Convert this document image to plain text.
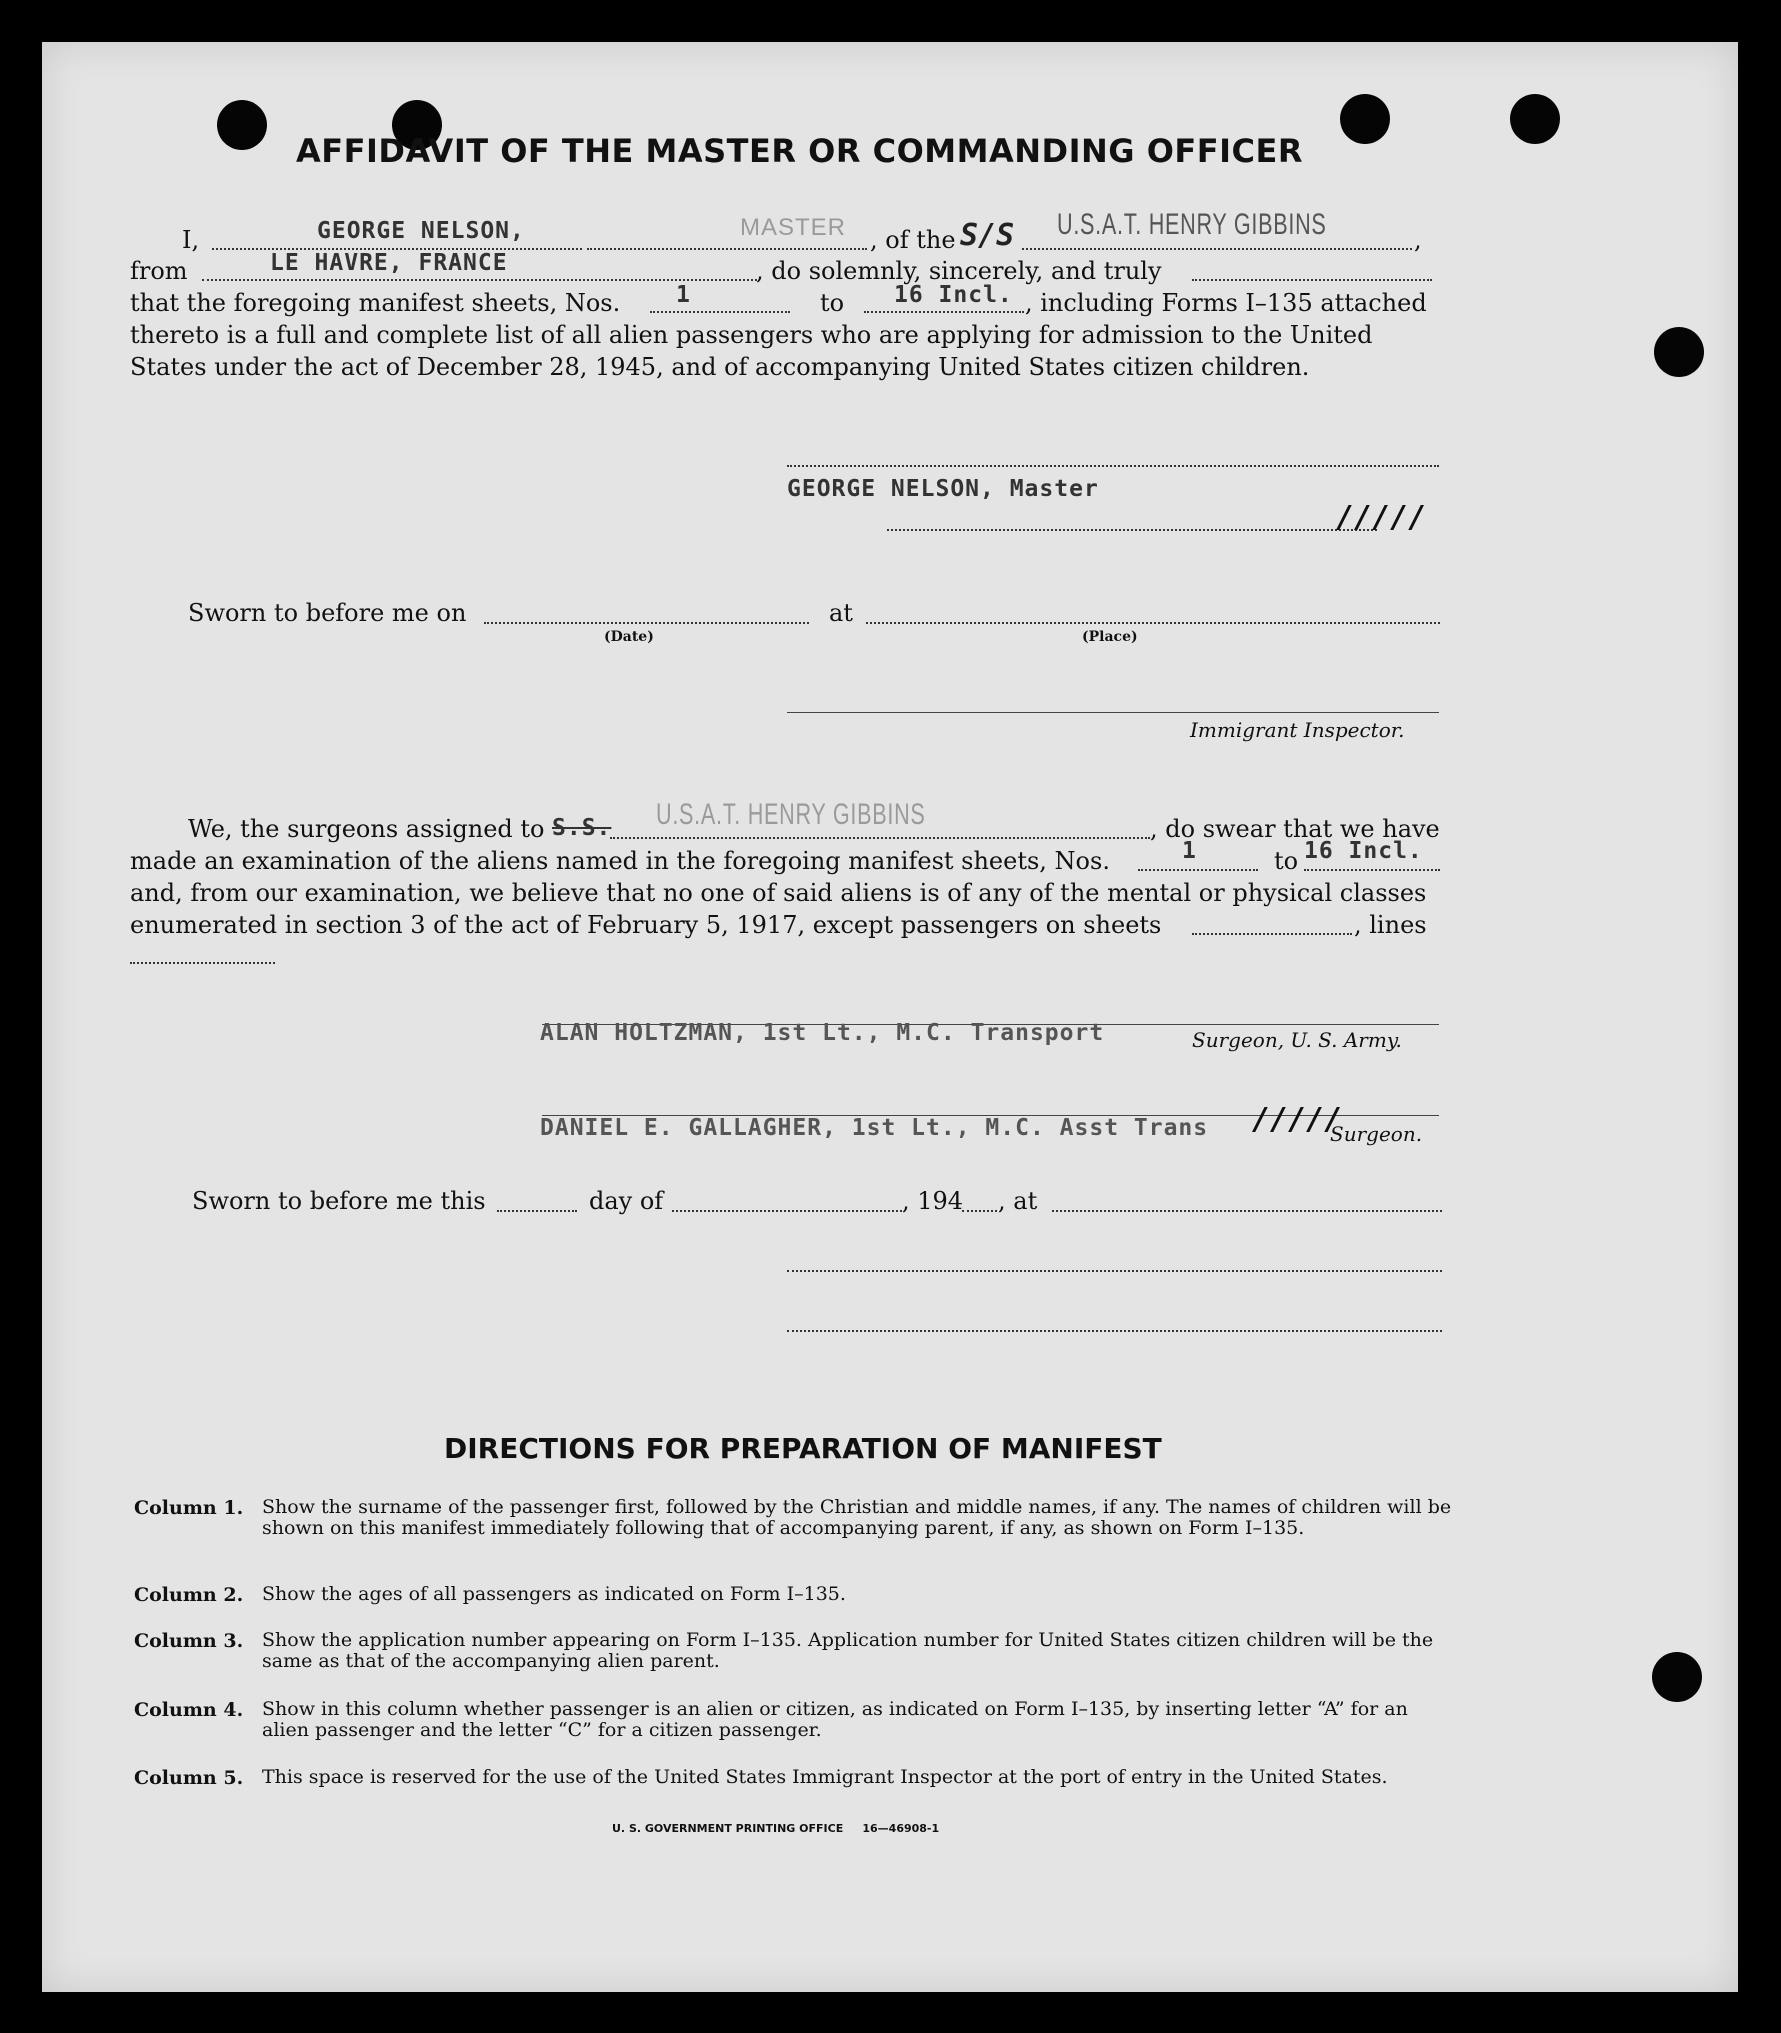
AFFIDAVIT OF THE MASTER OR COMMANDING OFFICER
I,	GEORGE NELSON,	MASTER , of the S/S U.S.A.T. HENRY GIBBINS	,
from	LE HAVRE, FRANCE	, do solemnly, sincerely, and truly
that the foregoing manifest sheets, Nos. 1	to 16 Incl. , including Forms I–135 attached
thereto is a full and complete list of all alien passengers who are applying for admission to the United
States under the act of December 28, 1945, and of accompanying United States citizen children.
GEORGE NELSON, Master
/////
Sworn to before me on
(Date)
at
(Place)
Immigrant Inspector.
We, the surgeons assigned to S.S. U.S.A.T. HENRY GIBBINS	, do swear that we have
made an examination of the aliens named in the foregoing manifest sheets, Nos.	1	to 16 Incl.
and, from our examination, we believe that no one of said aliens is of any of the mental or physical classes
enumerated in section 3 of the act of February 5, 1917, except passengers on sheets	, lines
ALAN HOLTZMAN, 1st Lt., M.C. Transport	Surgeon, U. S. Army.
DANIEL E. GALLAGHER, 1st Lt., M.C. Asst Trans /////
Surgeon.
Sworn to before me this	day of	, 194 , at
DIRECTIONS FOR PREPARATION OF MANIFEST
Column 1. Show the surname of the passenger first, followed by the Christian and middle names, if any. The names of children will be shown on this manifest immediately following that of accompanying parent, if any, as shown on Form I–135.
Column 2. Show the ages of all passengers as indicated on Form I–135.
Column 3. Show the application number appearing on Form I–135. Application number for United States citizen children will be the same as that of the accompanying alien parent.
Column 4. Show in this column whether passenger is an alien or citizen, as indicated on Form I–135, by inserting letter “A” for an alien passenger and the letter “C” for a citizen passenger.
Column 5. This space is reserved for the use of the United States Immigrant Inspector at the port of entry in the United States.
U. S. GOVERNMENT PRINTING OFFICE     16—46908-1
